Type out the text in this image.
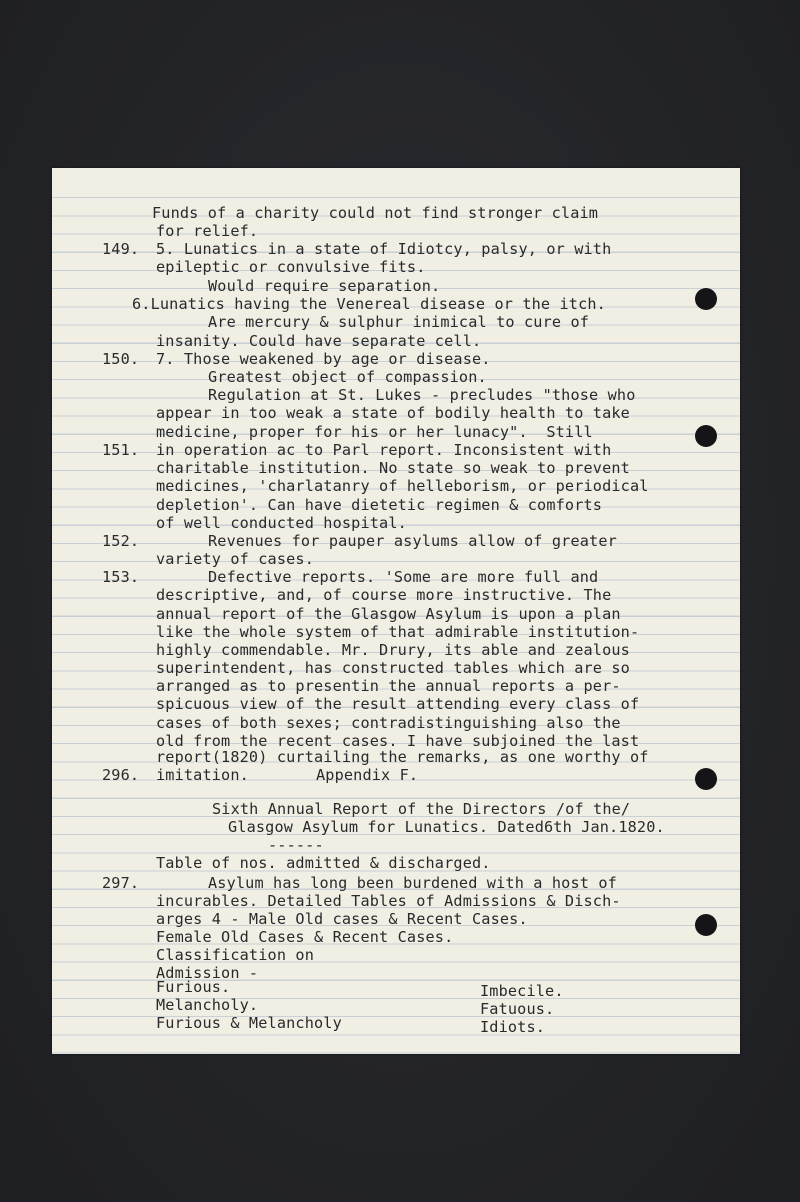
149.
150.
151.
152.
153.
296.
297.
Funds of a charity could not find stronger claim
for relief.
5. Lunatics in a state of Idiotcy, palsy, or with
epileptic or convulsive fits.
Would require separation.
6.Lunatics having the Venereal disease or the itch.
Are mercury & sulphur inimical to cure of
insanity. Could have separate cell.
7. Those weakened by age or disease.
Greatest object of compassion.
Regulation at St. Lukes - precludes "those who
appear in too weak a state of bodily health to take
medicine, proper for his or her lunacy".  Still
in operation ac to Parl report. Inconsistent with
charitable institution. No state so weak to prevent
medicines, 'charlatanry of helleborism, or periodical
depletion'. Can have dietetic regimen & comforts
of well conducted hospital.
Revenues for pauper asylums allow of greater
variety of cases.
Defective reports. 'Some are more full and
descriptive, and, of course more instructive. The
annual report of the Glasgow Asylum is upon a plan
like the whole system of that admirable institution-
highly commendable. Mr. Drury, its able and zealous
superintendent, has constructed tables which are so
arranged as to presentin the annual reports a per-
spicuous view of the result attending every class of
cases of both sexes; contradistinguishing also the
old from the recent cases. I have subjoined the last
report(1820) curtailing the remarks, as one worthy of
imitation.	Appendix F.
Sixth Annual Report of the Directors /of the/
Glasgow Asylum for Lunatics. Dated6th Jan.1820.
------
Table of nos. admitted & discharged.
Asylum has long been burdened with a host of
incurables. Detailed Tables of Admissions & Disch-
arges 4 - Male Old cases & Recent Cases.
Female Old Cases & Recent Cases.
Classification on
Admission -
Furious.
Melancholy.
Furious & Melancholy
Imbecile.
Fatuous.
Idiots.
